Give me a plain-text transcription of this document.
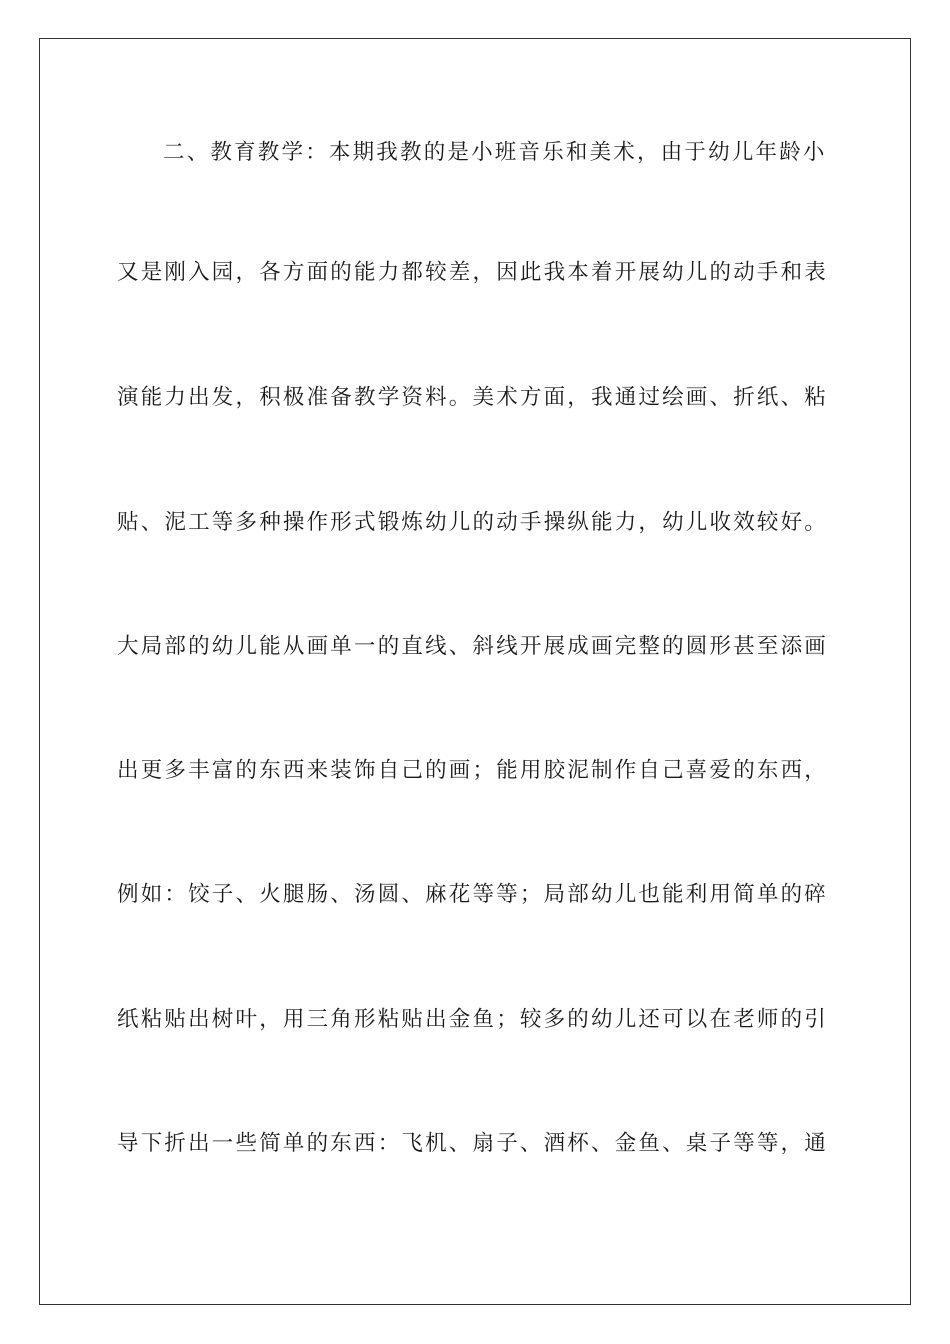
二、教育教学：本期我教的是小班音乐和美术，由于幼儿年龄小
又是刚入园，各方面的能力都较差，因此我本着开展幼儿的动手和表
演能力出发，积极准备教学资料。美术方面，我通过绘画、折纸、粘
贴、泥工等多种操作形式锻炼幼儿的动手操纵能力，幼儿收效较好。
大局部的幼儿能从画单一的直线、斜线开展成画完整的圆形甚至添画
出更多丰富的东西来装饰自己的画；能用胶泥制作自己喜爱的东西，
例如：饺子、火腿肠、汤圆、麻花等等；局部幼儿也能利用简单的碎
纸粘贴出树叶，用三角形粘贴出金鱼；较多的幼儿还可以在老师的引
导下折出一些简单的东西：飞机、扇子、酒杯、金鱼、桌子等等，通
